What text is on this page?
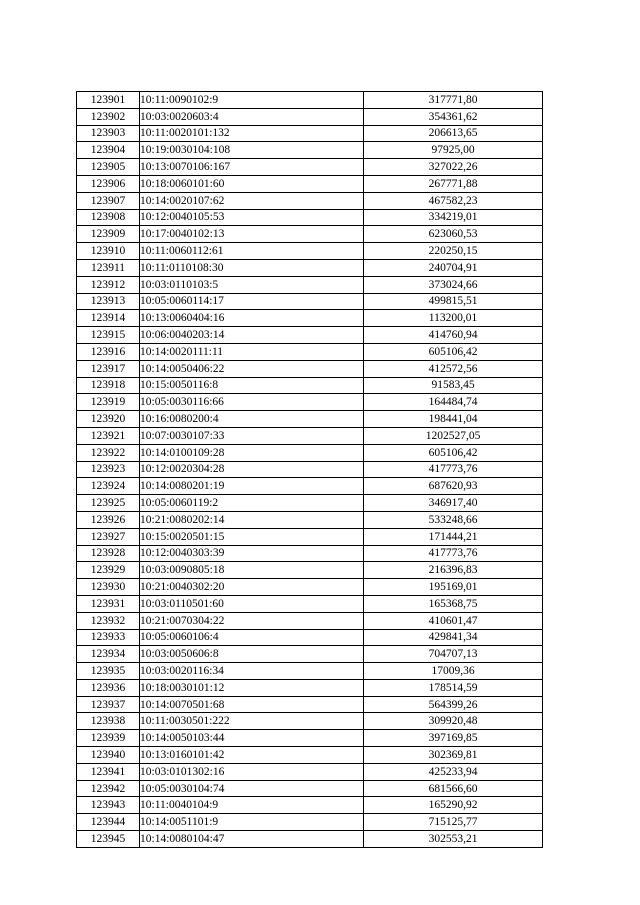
123901	10:11:0090102:9	317771,80
123902	10:03:0020603:4	354361,62
123903	10:11:0020101:132	206613,65
123904	10:19:0030104:108	97925,00
123905	10:13:0070106:167	327022,26
123906	10:18:0060101:60	267771,88
123907	10:14:0020107:62	467582,23
123908	10:12:0040105:53	334219,01
123909	10:17:0040102:13	623060,53
123910	10:11:0060112:61	220250,15
123911	10:11:0110108:30	240704,91
123912	10:03:0110103:5	373024,66
123913	10:05:0060114:17	499815,51
123914	10:13:0060404:16	113200,01
123915	10:06:0040203:14	414760,94
123916	10:14:0020111:11	605106,42
123917	10:14:0050406:22	412572,56
123918	10:15:0050116:8	91583,45
123919	10:05:0030116:66	164484,74
123920	10:16:0080200:4	198441,04
123921	10:07:0030107:33	1202527,05
123922	10:14:0100109:28	605106,42
123923	10:12:0020304:28	417773,76
123924	10:14:0080201:19	687620,93
123925	10:05:0060119:2	346917,40
123926	10:21:0080202:14	533248,66
123927	10:15:0020501:15	171444,21
123928	10:12:0040303:39	417773,76
123929	10:03:0090805:18	216396,83
123930	10:21:0040302:20	195169,01
123931	10:03:0110501:60	165368,75
123932	10:21:0070304:22	410601,47
123933	10:05:0060106:4	429841,34
123934	10:03:0050606:8	704707,13
123935	10:03:0020116:34	17009,36
123936	10:18:0030101:12	178514,59
123937	10:14:0070501:68	564399,26
123938	10:11:0030501:222	309920,48
123939	10:14:0050103:44	397169,85
123940	10:13:0160101:42	302369,81
123941	10:03:0101302:16	425233,94
123942	10:05:0030104:74	681566,60
123943	10:11:0040104:9	165290,92
123944	10:14:0051101:9	715125,77
123945	10:14:0080104:47	302553,21
